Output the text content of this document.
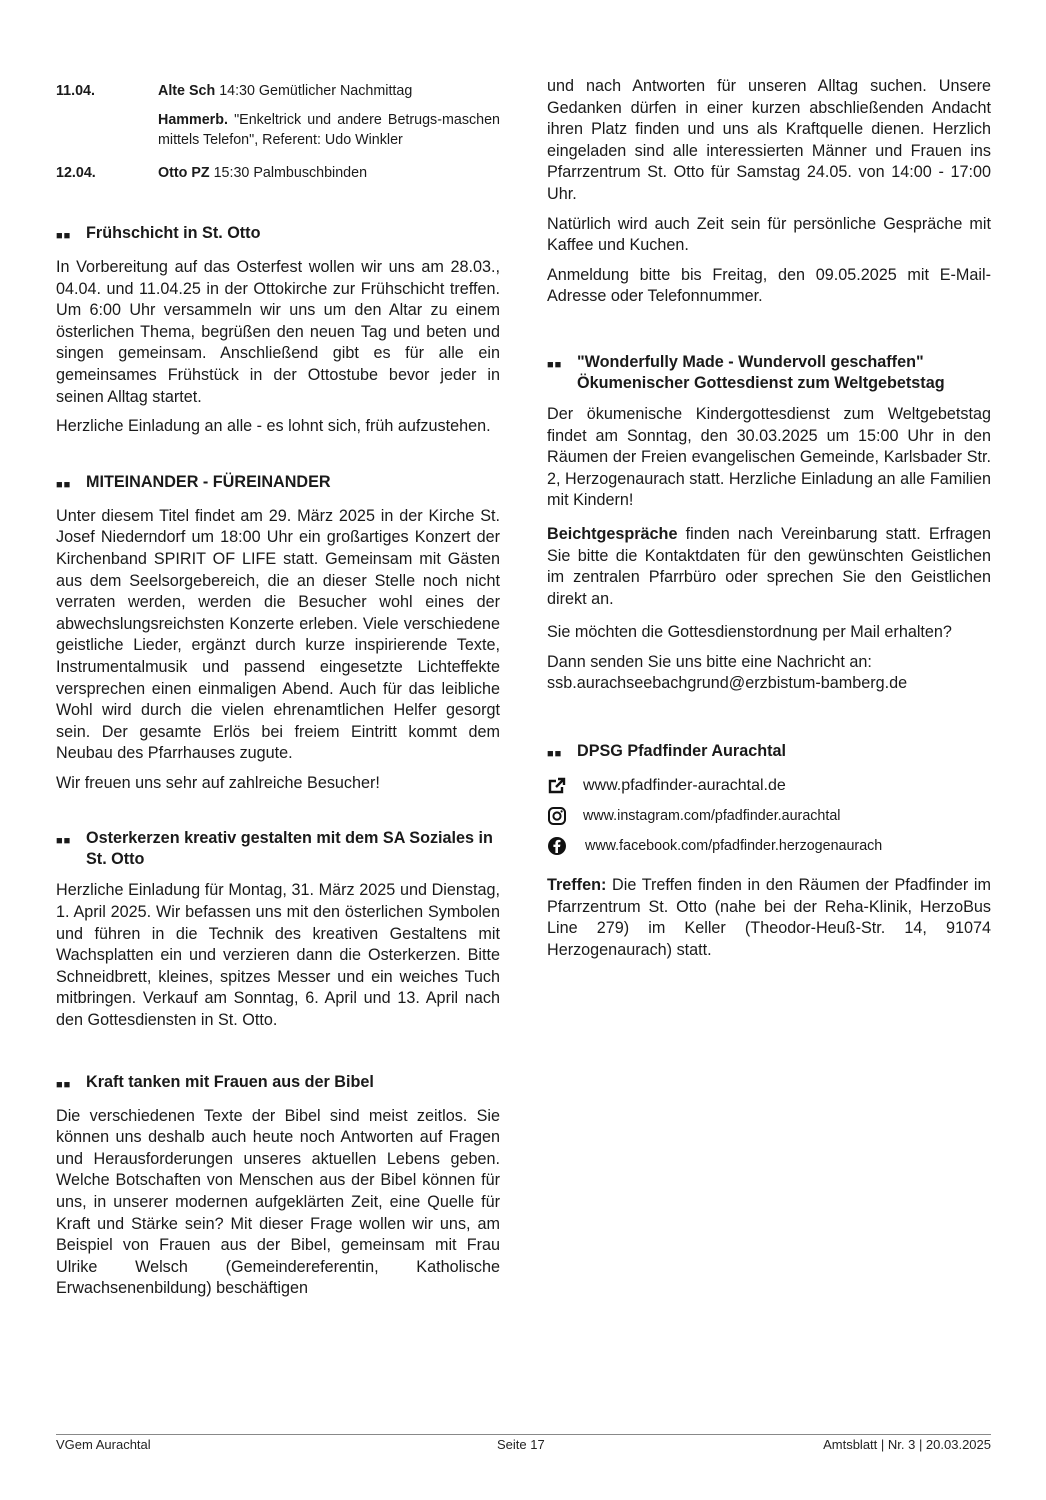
11.04.	Alte Sch 14:30 Gemütlicher Nachmittag
Hammerb. "Enkeltrick und andere Betrugs-maschen mittels Telefon", Referent: Udo Winkler
12.04.	Otto PZ 15:30 Palmbuschbinden
■■ Frühschicht in St. Otto

In Vorbereitung auf das Osterfest wollen wir uns am 28.03., 04.04. und 11.04.25 in der Ottokirche zur Frühschicht treffen. Um 6:00 Uhr versammeln wir uns um den Altar zu einem österlichen Thema, begrüßen den neuen Tag und beten und singen gemeinsam. Anschließend gibt es für alle ein gemeinsames Frühstück in der Ottostube bevor jeder in seinen Alltag startet.

Herzliche Einladung an alle - es lohnt sich, früh aufzustehen.

■■ MITEINANDER - FÜREINANDER

Unter diesem Titel findet am 29. März 2025 in der Kirche St. Josef Niederndorf um 18:00 Uhr ein großartiges Konzert der Kirchenband SPIRIT OF LIFE statt. Gemeinsam mit Gästen aus dem Seelsorgebereich, die an dieser Stelle noch nicht verraten werden, werden die Besucher wohl eines der abwechslungsreichsten Konzerte erleben. Viele verschiedene geistliche Lieder, ergänzt durch kurze inspirierende Texte, Instrumentalmusik und passend eingesetzte Lichteffekte versprechen einen einmaligen Abend. Auch für das leibliche Wohl wird durch die vielen ehrenamtlichen Helfer gesorgt sein. Der gesamte Erlös bei freiem Eintritt kommt dem Neubau des Pfarrhauses zugute.

Wir freuen uns sehr auf zahlreiche Besucher!

■■ Osterkerzen kreativ gestalten mit dem SA Soziales in St. Otto

Herzliche Einladung für Montag, 31. März 2025 und Dienstag, 1. April 2025. Wir befassen uns mit den österlichen Symbolen und führen in die Technik des kreativen Gestaltens mit Wachsplatten ein und verzieren dann die Osterkerzen. Bitte Schneidbrett, kleines, spitzes Messer und ein weiches Tuch mitbringen. Verkauf am Sonntag, 6. April und 13. April nach den Gottesdiensten in St. Otto.

■■ Kraft tanken mit Frauen aus der Bibel

Die verschiedenen Texte der Bibel sind meist zeitlos. Sie können uns deshalb auch heute noch Antworten auf Fragen und Herausforderungen unseres aktuellen Lebens geben. Welche Botschaften von Menschen aus der Bibel können für uns, in unserer modernen aufgeklärten Zeit, eine Quelle für Kraft und Stärke sein? Mit dieser Frage wollen wir uns, am Beispiel von Frauen aus der Bibel, gemeinsam mit Frau Ulrike Welsch (Gemeindereferentin, Katholische Erwachsenenbildung) beschäftigen

und nach Antworten für unseren Alltag suchen. Unsere Gedanken dürfen in einer kurzen abschließenden Andacht ihren Platz finden und uns als Kraftquelle dienen. Herzlich eingeladen sind alle interessierten Männer und Frauen ins Pfarrzentrum St. Otto für Samstag 24.05. von 14:00 - 17:00 Uhr.

Natürlich wird auch Zeit sein für persönliche Gespräche mit Kaffee und Kuchen.

Anmeldung bitte bis Freitag, den 09.05.2025 mit E-Mail-Adresse oder Telefonnummer.

■■ "Wonderfully Made - Wundervoll geschaffen"
Ökumenischer Gottesdienst zum Weltgebetstag

Der ökumenische Kindergottesdienst zum Weltgebetstag findet am Sonntag, den 30.03.2025 um 15:00 Uhr in den Räumen der Freien evangelischen Gemeinde, Karlsbader Str. 2, Herzogenaurach statt. Herzliche Einladung an alle Familien mit Kindern!

Beichtgespräche finden nach Vereinbarung statt. Erfragen Sie bitte die Kontaktdaten für den gewünschten Geistlichen im zentralen Pfarrbüro oder sprechen Sie den Geistlichen direkt an.

Sie möchten die Gottesdienstordnung per Mail erhalten?

Dann senden Sie uns bitte eine Nachricht an:
ssb.aurachseebachgrund@erzbistum-bamberg.de

■■ DPSG Pfadfinder Aurachtal
www.pfadfinder-aurachtal.de
www.instagram.com/pfadfinder.aurachtal
www.facebook.com/pfadfinder.herzogenaurach

Treffen: Die Treffen finden in den Räumen der Pfadfinder im Pfarrzentrum St. Otto (nahe bei der Reha-Klinik, HerzoBus Line 279) im Keller (Theodor-Heuß-Str. 14, 91074 Herzogenaurach) statt.

VGem Aurachtal	Seite 17	Amtsblatt | Nr. 3 | 20.03.2025
